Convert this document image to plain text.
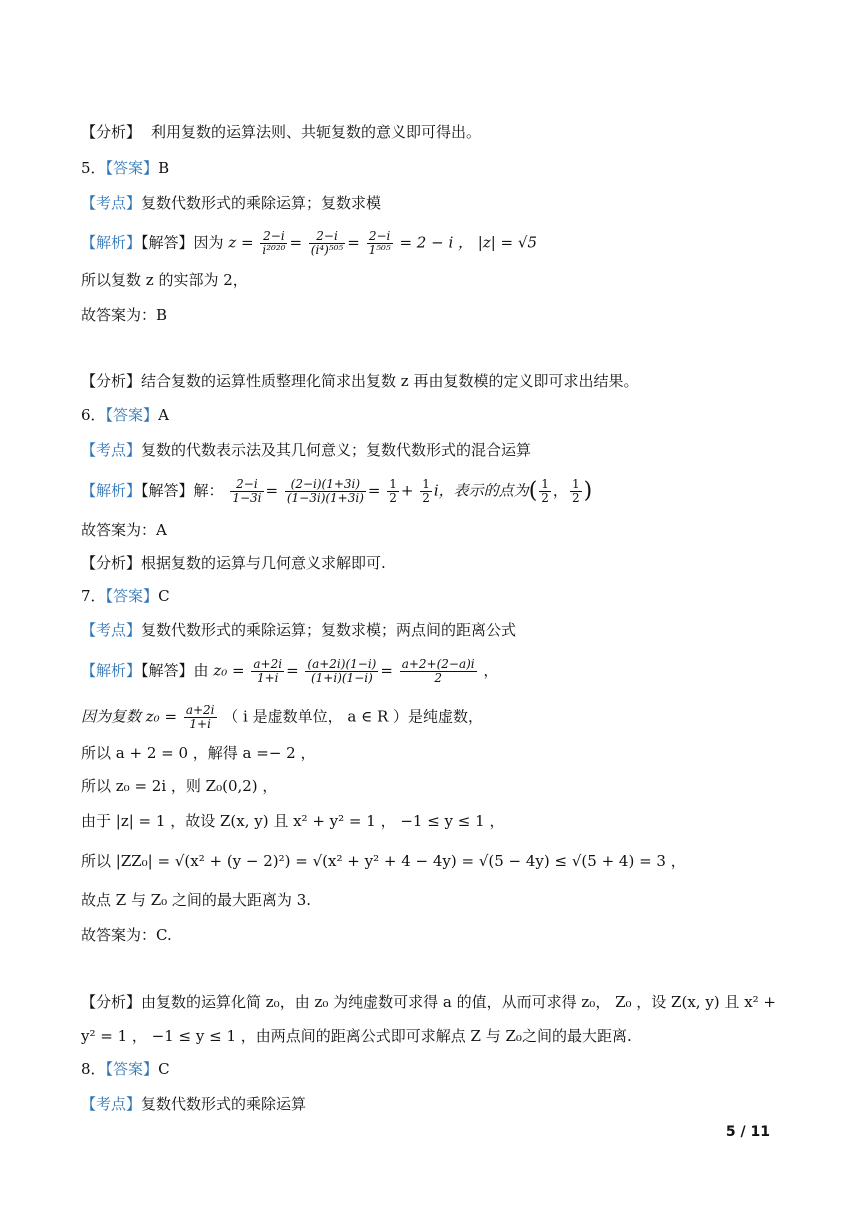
【分析】 利用复数的运算法则、共轭复数的意义即可得出。
5．【答案】B
【考点】复数代数形式的乘除运算；复数求模
【解析】【解答】因为 $z = \frac{2-i}{\text{i²⁰²⁰}} = \frac{2-i}{\text{(i⁴)⁵⁰⁵}} = \frac{2-i}{\text{1⁵⁰⁵}} = 2 - i$ ， |z| = √5
所以复数 z 的实部为 2，
故答案为：B
【分析】结合复数的运算性质整理化简求出复数 z 再由复数模的定义即可求出结果。
6．【答案】A
【考点】复数的代数表示法及其几何意义；复数代数形式的混合运算
【解析】【解答】解： $\frac{2-i}{1-3i} = \frac{(2-i)(1+3i)}{(1-3i)(1+3i)} = \frac{1}{2} + \frac{1}{2}$ i，表示的点为( $\frac{1}{2}$ ， $\frac{1}{2}$ )
故答案为：A
【分析】根据复数的运算与几何意义求解即可.
7．【答案】C
【考点】复数代数形式的乘除运算；复数求模；两点间的距离公式
【解析】【解答】由 $z_0 = \frac{a+2i}{1+i} = \frac{(a+2i)(1-i)}{(1+i)(1-i)} = \frac{a+2+(2-a)i}{2}$ ，
因为复数 $z_0 = \frac{a+2i}{1+i}$ （ i 是虚数单位， a ∈ R ）是纯虚数，
所以 a + 2 = 0 ，解得 a =− 2 ，
所以 z₀ = 2i ，则 Z₀(0,2) ，
由于 |z| = 1 ，故设 Z(x, y) 且 x² + y² = 1 ， −1 ≤ y ≤ 1 ，
所以 |ZZ₀| = √(x² + (y − 2)²) = √(x² + y² + 4 − 4y) = √(5 − 4y) ≤ √(5 + 4) = 3 ，
故点 Z 与 Z₀ 之间的最大距离为 3.
故答案为：C.
【分析】由复数的运算化简 z₀，由 z₀ 为纯虚数可求得 a 的值，从而可求得 z₀， Z₀ ，设 Z(x, y) 且 x² +
y² = 1 ， −1 ≤ y ≤ 1 ，由两点间的距离公式即可求解点 Z 与 Z₀之间的最大距离.
8．【答案】C
【考点】复数代数形式的乘除运算
5 / 11
